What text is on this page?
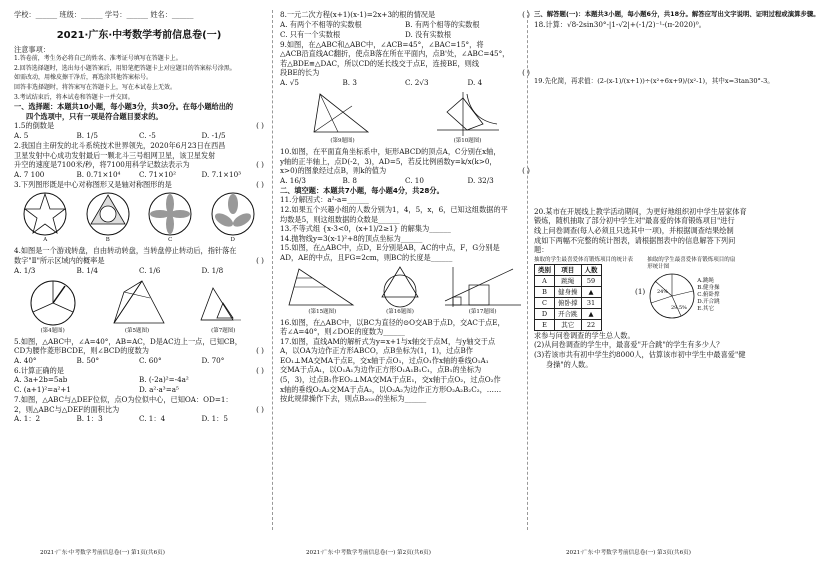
学校：______ 班级：______ 学号：______ 姓名：______
2021·广东·中考数学考前信息卷(一)
注意事项：
1.答卷前，考生务必将自己的姓名、准考证号填写在答题卡上。
2.回答选择题时，选出每小题答案后，用铅笔把答题卡上对应题目的答案标号涂黑。
如需改动，用橡皮擦干净后，再选涂其他答案标号。
回答非选择题时，将答案写在答题卡上，写在本试卷上无效。
3.考试结束后，将本试卷和答题卡一并交回。
一、选择题：本题共10小题，每小题3分，共30分。在每小题给出的
四个选项中，只有一项是符合题目要求的。
1.5的倒数是	( )
A. 5	B. 1/5	C. -5	D. -1/5
2.我国自主研发的北斗系统技术世界领先，2020年6月23日在西昌
卫星发射中心成功发射最后一颗北斗三号组网卫星，该卫星发射
升空的速度是7100米/秒，将7100用科学记数法表示为	( )
A. 7 100	B. 0.71×10⁴	C. 71×10²	D. 7.1×10³
3.下列图形既是中心对称图形又是轴对称图形的是	( )
A	B	C	D
4.如图是一个游戏转盘，自由转动转盘，当转盘停止转动后，指针落在
数字"Ⅱ"所示区域内的概率是	( )
A. 1/3	B. 1/4	C. 1/6	D. 1/8
(第4题图)	(第5题图)	(第7题图)
5.如图，△ABC中，∠A=40°，AB=AC，D是AC边上一点，已知CB，
CD为腰作菱形BCDE，则∠BCD的度数为	( )
A. 40°	B. 50°	C. 60°	D. 70°
6.计算正确的是	( )
A. 3a+2b=5ab	B. (-2a)²=-4a²
C. (a+1)²=a²+1	D. a²·a³=a⁵
7.如图，△ABC与△DEF位似，点O为位似中心，已知OA：OD=1：
2，则△ABC与△DEF的面积比为	( )
A. 1：2	B. 1：3	C. 1：4	D. 1：5
2021·广东·中考数学考前信息卷(一) 第1页(共6页)
8.一元二次方程(x+1)(x-1)=2x+3的根的情况是	( )
A. 有两个不相等的实数根	B. 有两个相等的实数根
C. 只有一个实数根	D. 没有实数根
9.如图，在△ABC和△ABC中，∠ACB=45°，∠BAC=15°，将
△ACB沿直线AC翻折，使点B落在所在平面内，点B'处，∠ABC=45°，
若△BDE≌△DAC，所以CD的延长线交于点E，连接BE，则线
段BE的长为	( )
A. √5	B. 3	C. 2√3	D. 4
(第9题图)	(第10题图)
10.如图，在平面直角坐标系中，矩形ABCD的顶点A，C分别在x轴，
y轴的正半轴上，点D(-2，3)，AD=5，若反比例函数y=k/x(k>0，
x>0)的图象经过点B，则k的值为	( )
A. 16/3	B. 8	C. 10	D. 32/3
二、填空题：本题共7小题，每小题4分，共28分。
11.分解因式：a²-a=______
12.如果五个兴趣小组的人数分别为1，4，5，x，6，已知这组数据的平
均数是5，则这组数据的众数是______
13.不等式组 {x-3<0，(x+1)/2≥1} 的解集为______
14.抛物线y=3(x-1)²+8的顶点坐标为______
15.如图，在△ABC中，点D，E分别是AB，AC的中点，F，G分别是
AD，AE的中点，且FG=2cm，则BC的长度是______
(第15题图)	(第16题图)	(第17题图)
16.如图，在△ABC中，以BC为直径的⊙O交AB于点D，交AC于点E，
若∠A=40°，则∠DOE的度数为______
17.如图，直线AM的解析式为y=x+1与x轴交于点M，与y轴交于点
A，以OA为边作正方形ABCO，点B坐标为(1，1)，过点B作
EO₁⊥MA交MA于点E，交x轴于点O₁，过点O₁作x轴的垂线O₁A₁
交MA于点A₁，以O₁A₁为边作正方形O₁A₁B₁C₁，点B₁的坐标为
(5，3)，过点B₁作EO₂⊥MA交MA于点E₁，交x轴于点O₂，过点O₂作
x轴的垂线O₂A₂交MA于点A₂，以O₂A₂为边作正方形O₂A₂B₂C₂，……
按此规律操作下去，则点B₂₀₂₀的坐标为______
2021·广东·中考数学考前信息卷(一) 第2页(共6页)
三、解答题(一)：本题共3小题，每小题6分，共18分。解答应写出文字说明、证明过程或演算步骤。
18.计算：√8-2sin30°-|1-√2|+(-1/2)⁻¹-(π-2020)⁰。
19.先化简，再求值：(2-(x-1)/(x+1))÷(x²+6x+9)/(x²-1)，其中x=3tan30°-3。
20.某市在开展线上教学活动期间，为更好地组织初中学生居家体育
锻炼，随机抽取了部分初中学生对"最喜爱的体育锻炼项目"进行
线上问卷调查(每人必须且只选其中一项)，并根据调查结果绘制
成如下两幅不完整的统计图表，请根据图表中的信息解答下列问
题：
抽取的学生最喜爱体育锻炼项目的统计表
类别	项目	人数
A	跳绳	59
B	健身操	▲
C	俯卧撑	31
D	开合跳	▲
E	其它	22
(1)
抽取的学生最喜爱体育锻炼项目的扇形统计图
24%
29.5%
A.跳绳
B.健身操
C.俯卧撑
D.开合跳
E.其它
求参与问卷调查的学生总人数。
(2)从问卷调查的学生中，最喜爱"开合跳"的学生有多少人？
(3)若该市共有初中学生约8000人，估算该市初中学生中最喜爱"健
身操"的人数。
2021·广东·中考数学考前信息卷(一) 第3页(共6页)
